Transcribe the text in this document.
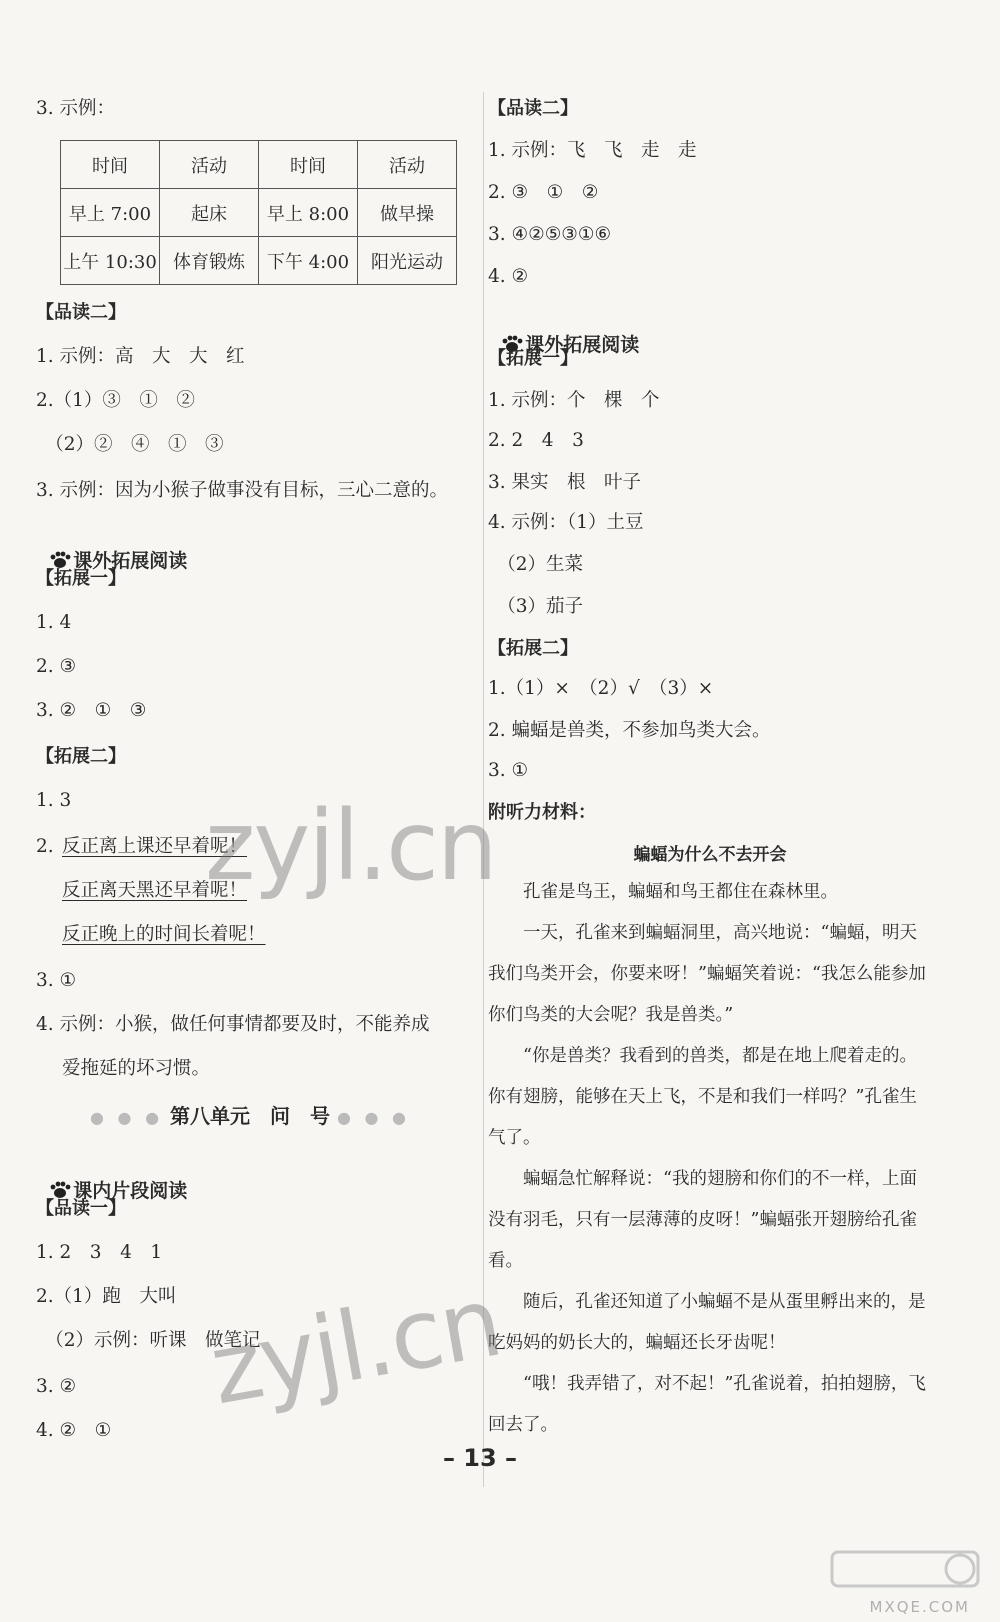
3. 示例：
时间	活动	时间	活动
早上 7:00	起床	早上 8:00	做早操
上午 10:30	体育锻炼	下午 4:00	阳光运动
【品读二】
1. 示例：高　大　大　红
2.（1）③　①　②
　（2）②　④　①　③
3. 示例：因为小猴子做事没有目标，三心二意的。

课外拓展阅读

【拓展一】
1. 4
2. ③
3. ②　①　③
【拓展二】
1. 3
2. 反正离上课还早着呢！
反正离天黑还早着呢！
反正晚上的时间长着呢！
3. ①
4. 示例：小猴，做任何事情都要及时，不能养成
爱拖延的坏习惯。
● ● ● 第八单元　问　号 ● ● ●

课内片段阅读

【品读一】
1. 2　3　4　1
2.（1）跑　大叫
　（2）示例：听课　做笔记
3. ②
4. ②　①
【品读二】
1. 示例：飞　飞　走　走
2. ③　①　②
3. ④②⑤③①⑥
4. ②

课外拓展阅读

【拓展一】
1. 示例：个　棵　个
2. 2　4　3
3. 果实　根　叶子
4. 示例：（1）土豆
　（2）生菜
　（3）茄子
【拓展二】
1.（1）×　（2）√　（3）×
2. 蝙蝠是兽类，不参加鸟类大会。
3. ①
附听力材料：
蝙蝠为什么不去开会

孔雀是鸟王，蝙蝠和鸟王都住在森林里。

一天，孔雀来到蝙蝠洞里，高兴地说：“蝙蝠，明天我们鸟类开会，你要来呀！”蝙蝠笑着说：“我怎么能参加你们鸟类的大会呢？我是兽类。”

“你是兽类？我看到的兽类，都是在地上爬着走的。你有翅膀，能够在天上飞，不是和我们一样吗？”孔雀生气了。

蝙蝠急忙解释说：“我的翅膀和你们的不一样，上面没有羽毛，只有一层薄薄的皮呀！”蝙蝠张开翅膀给孔雀看。

随后，孔雀还知道了小蝙蝠不是从蛋里孵出来的，是吃妈妈的奶长大的，蝙蝠还长牙齿呢！

“哦！我弄错了，对不起！”孔雀说着，拍拍翅膀，飞回去了。

– 13 –
zyjl.cn
zyjl.cn
MXQE.COM
